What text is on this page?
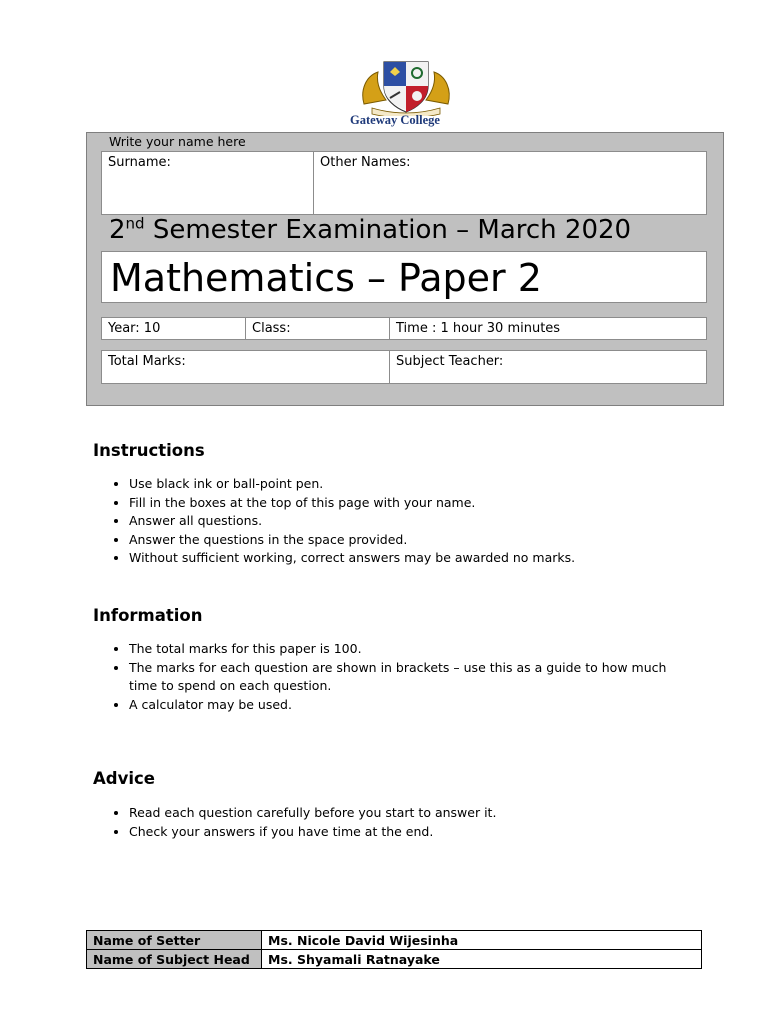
Gateway College
Write your name here
Surname:	Other Names:
2nd Semester Examination – March 2020
Mathematics – Paper 2
Year: 10	Class:	Time : 1 hour 30 minutes
Total Marks:	Subject Teacher:
Instructions
• Use black ink or ball-point pen.
• Fill in the boxes at the top of this page with your name.
• Answer all questions.
• Answer the questions in the space provided.
• Without sufficient working, correct answers may be awarded no marks.
Information
• The total marks for this paper is 100.
• The marks for each question are shown in brackets – use this as a guide to how much time to spend on each question.
• A calculator may be used.
Advice
• Read each question carefully before you start to answer it.
• Check your answers if you have time at the end.
Name of Setter	Ms. Nicole David Wijesinha
Name of Subject Head	Ms. Shyamali Ratnayake
